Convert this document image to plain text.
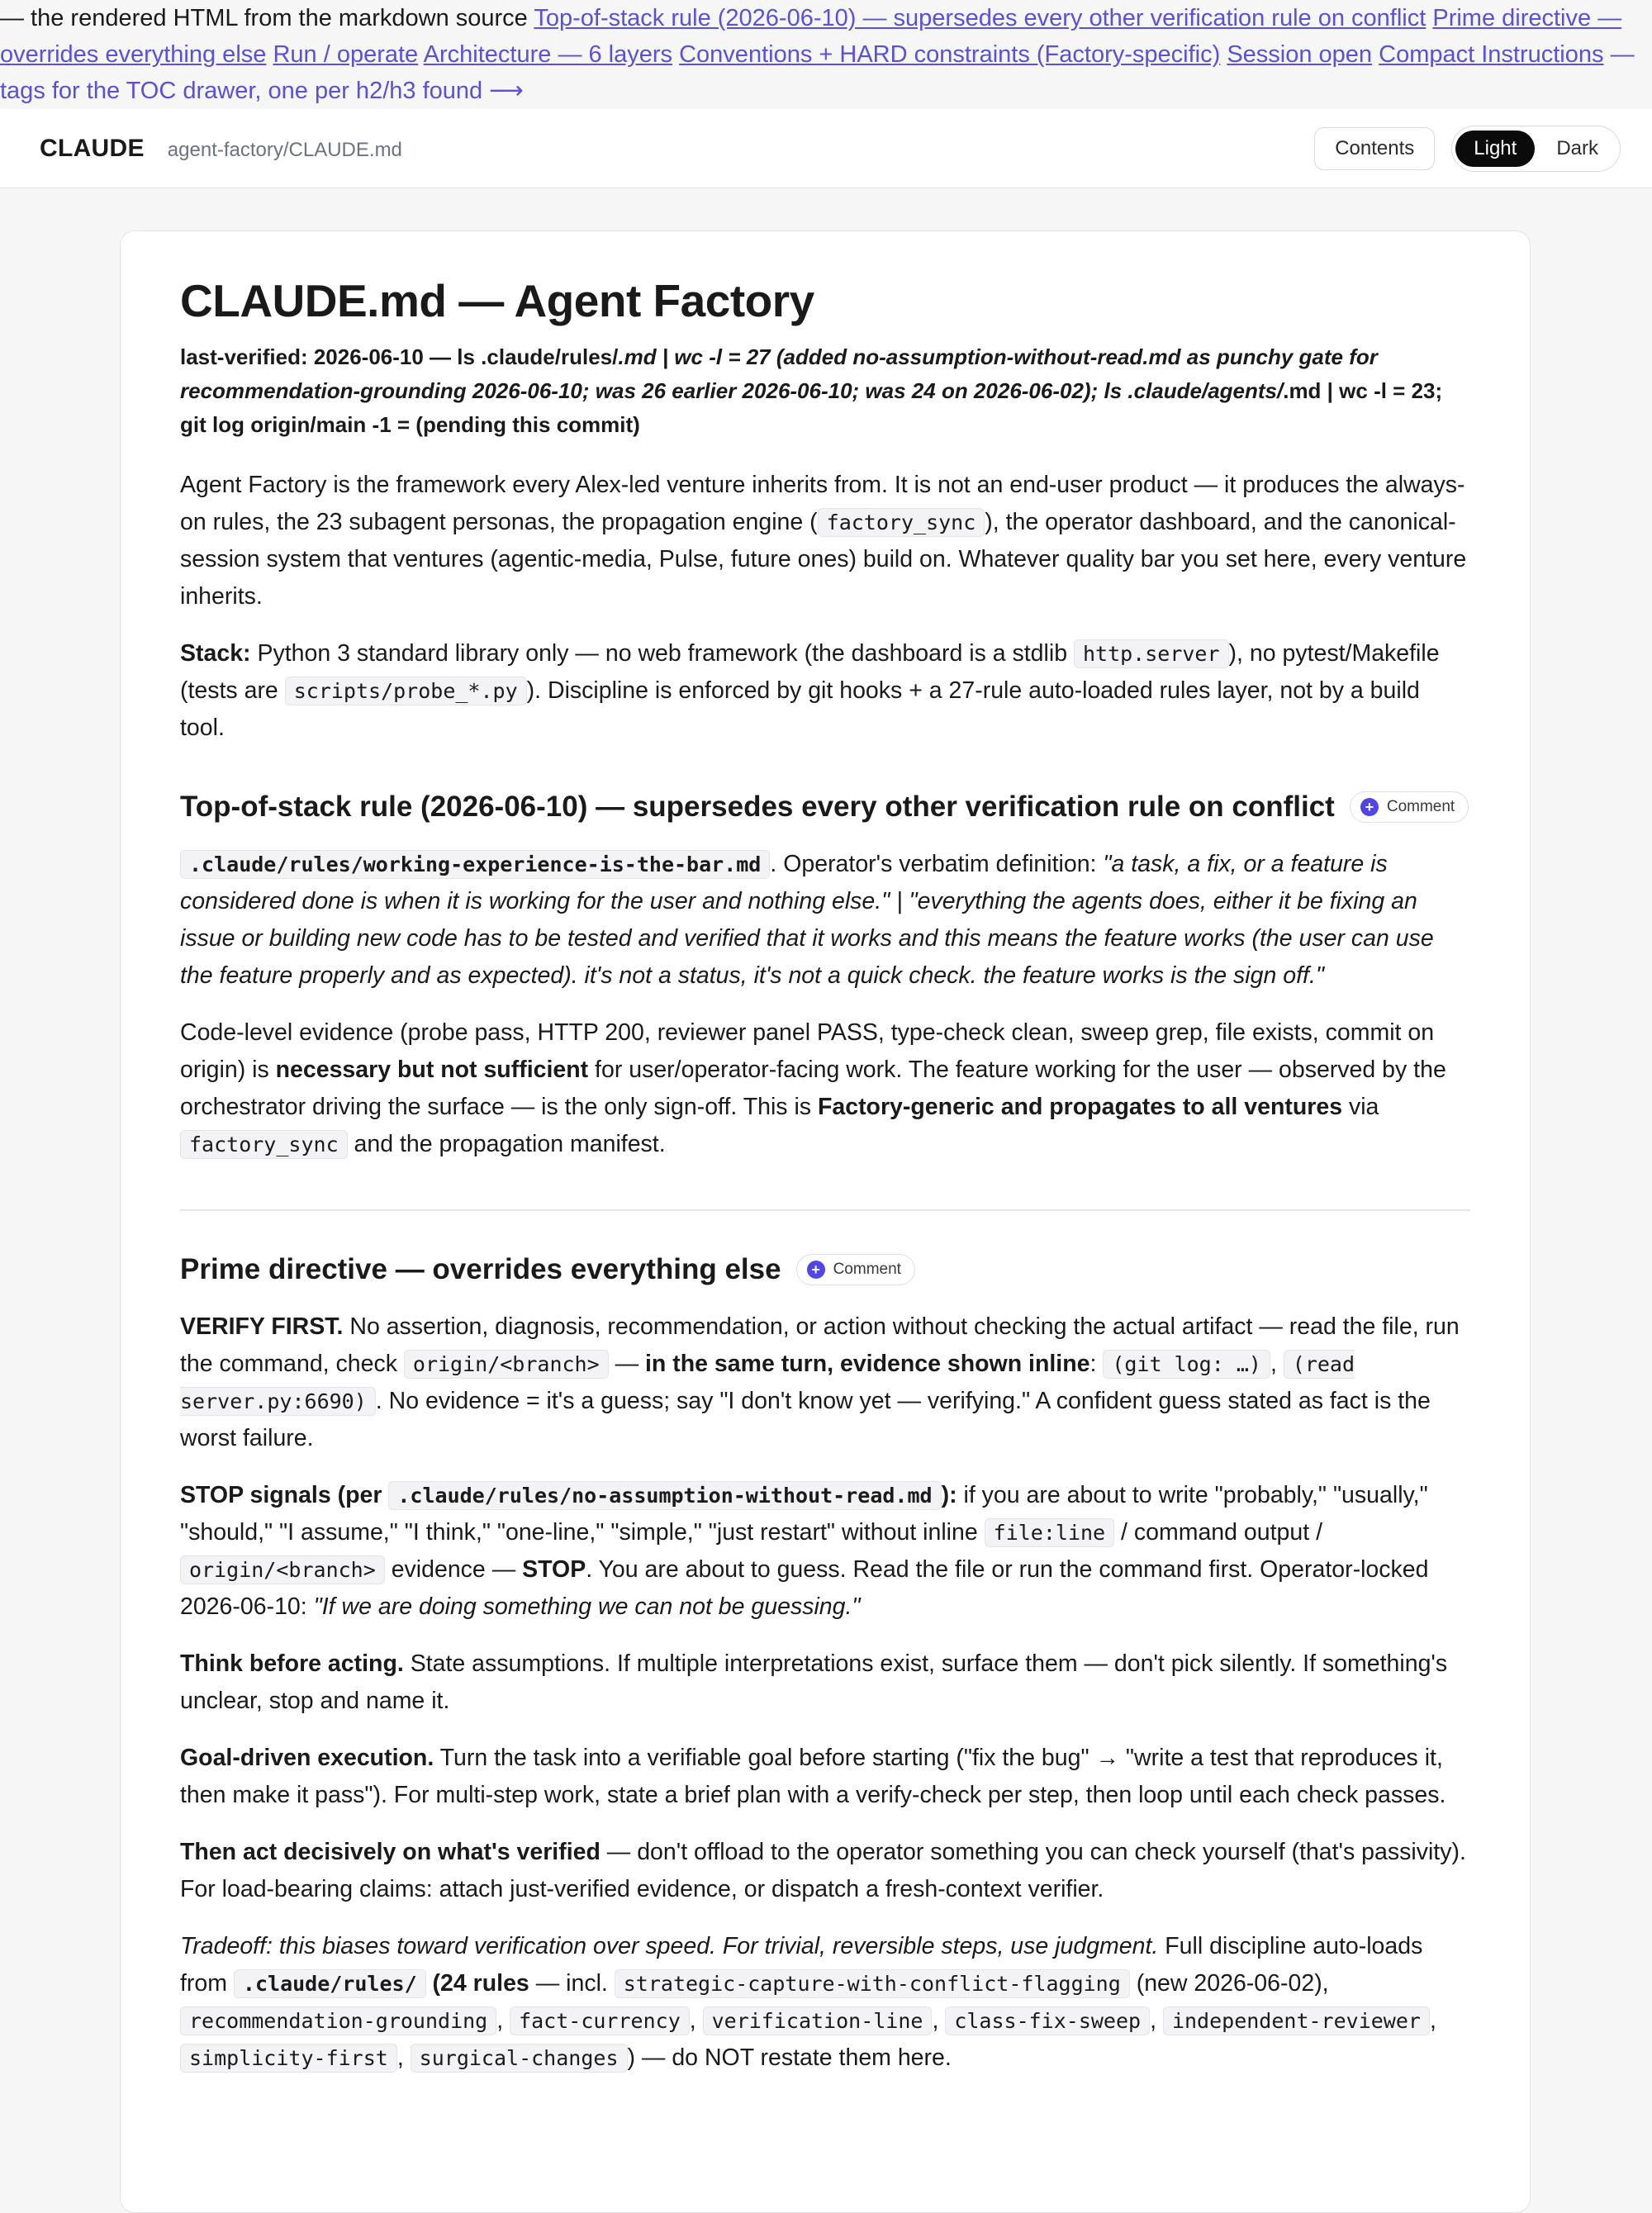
— the rendered HTML from the markdown source Top-of-stack rule (2026-06-10) — supersedes every other verification rule on conflict Prime directive — overrides everything else Run / operate Architecture — 6 layers Conventions + HARD constraints (Factory-specific) Session open Compact Instructions — tags for the TOC drawer, one per h2/h3 found ⟶
CLAUDE agent-factory/CLAUDE.md	Contents	Light	Dark
CLAUDE.md — Agent Factory
last-verified: 2026-06-10 — ls .claude/rules/.md | wc -l = 27 (added no-assumption-without-read.md as punchy gate for recommendation-grounding 2026-06-10; was 26 earlier 2026-06-10; was 24 on 2026-06-02); ls .claude/agents/.md | wc -l = 23; git log origin/main -1 = (pending this commit)

Agent Factory is the framework every Alex-led venture inherits from. It is not an end-user product — it produces the always-on rules, the 23 subagent personas, the propagation engine ( factory_sync ), the operator dashboard, and the canonical-session system that ventures (agentic-media, Pulse, future ones) build on. Whatever quality bar you set here, every venture inherits.

Stack: Python 3 standard library only — no web framework (the dashboard is a stdlib http.server ), no pytest/Makefile (tests are scripts/probe_*.py ). Discipline is enforced by git hooks + a 27-rule auto-loaded rules layer, not by a build tool.

Top-of-stack rule (2026-06-10) — supersedes every other verification rule on conflict	+ Comment

.claude/rules/working-experience-is-the-bar.md . Operator's verbatim definition: "a task, a fix, or a feature is considered done is when it is working for the user and nothing else." | "everything the agents does, either it be fixing an issue or building new code has to be tested and verified that it works and this means the feature works (the user can use the feature properly and as expected). it's not a status, it's not a quick check. the feature works is the sign off."

Code-level evidence (probe pass, HTTP 200, reviewer panel PASS, type-check clean, sweep grep, file exists, commit on origin) is necessary but not sufficient for user/operator-facing work. The feature working for the user — observed by the orchestrator driving the surface — is the only sign-off. This is Factory-generic and propagates to all ventures via factory_sync and the propagation manifest.

Prime directive — overrides everything else	+ Comment

VERIFY FIRST. No assertion, diagnosis, recommendation, or action without checking the actual artifact — read the file, run the command, check origin/<branch> — in the same turn, evidence shown inline: (git log: …) , (read server.py:6690) . No evidence = it's a guess; say "I don't know yet — verifying." A confident guess stated as fact is the worst failure.

STOP signals (per .claude/rules/no-assumption-without-read.md ): if you are about to write "probably," "usually," "should," "I assume," "I think," "one-line," "simple," "just restart" without inline file:line / command output / origin/<branch> evidence — STOP. You are about to guess. Read the file or run the command first. Operator-locked 2026-06-10: "If we are doing something we can not be guessing."

Think before acting. State assumptions. If multiple interpretations exist, surface them — don't pick silently. If something's unclear, stop and name it.

Goal-driven execution. Turn the task into a verifiable goal before starting ("fix the bug" → "write a test that reproduces it, then make it pass"). For multi-step work, state a brief plan with a verify-check per step, then loop until each check passes.

Then act decisively on what's verified — don't offload to the operator something you can check yourself (that's passivity). For load-bearing claims: attach just-verified evidence, or dispatch a fresh-context verifier.

Tradeoff: this biases toward verification over speed. For trivial, reversible steps, use judgment. Full discipline auto-loads from .claude/rules/ (24 rules — incl. strategic-capture-with-conflict-flagging (new 2026-06-02), recommendation-grounding , fact-currency , verification-line , class-fix-sweep , independent-reviewer , simplicity-first , surgical-changes ) — do NOT restate them here.
